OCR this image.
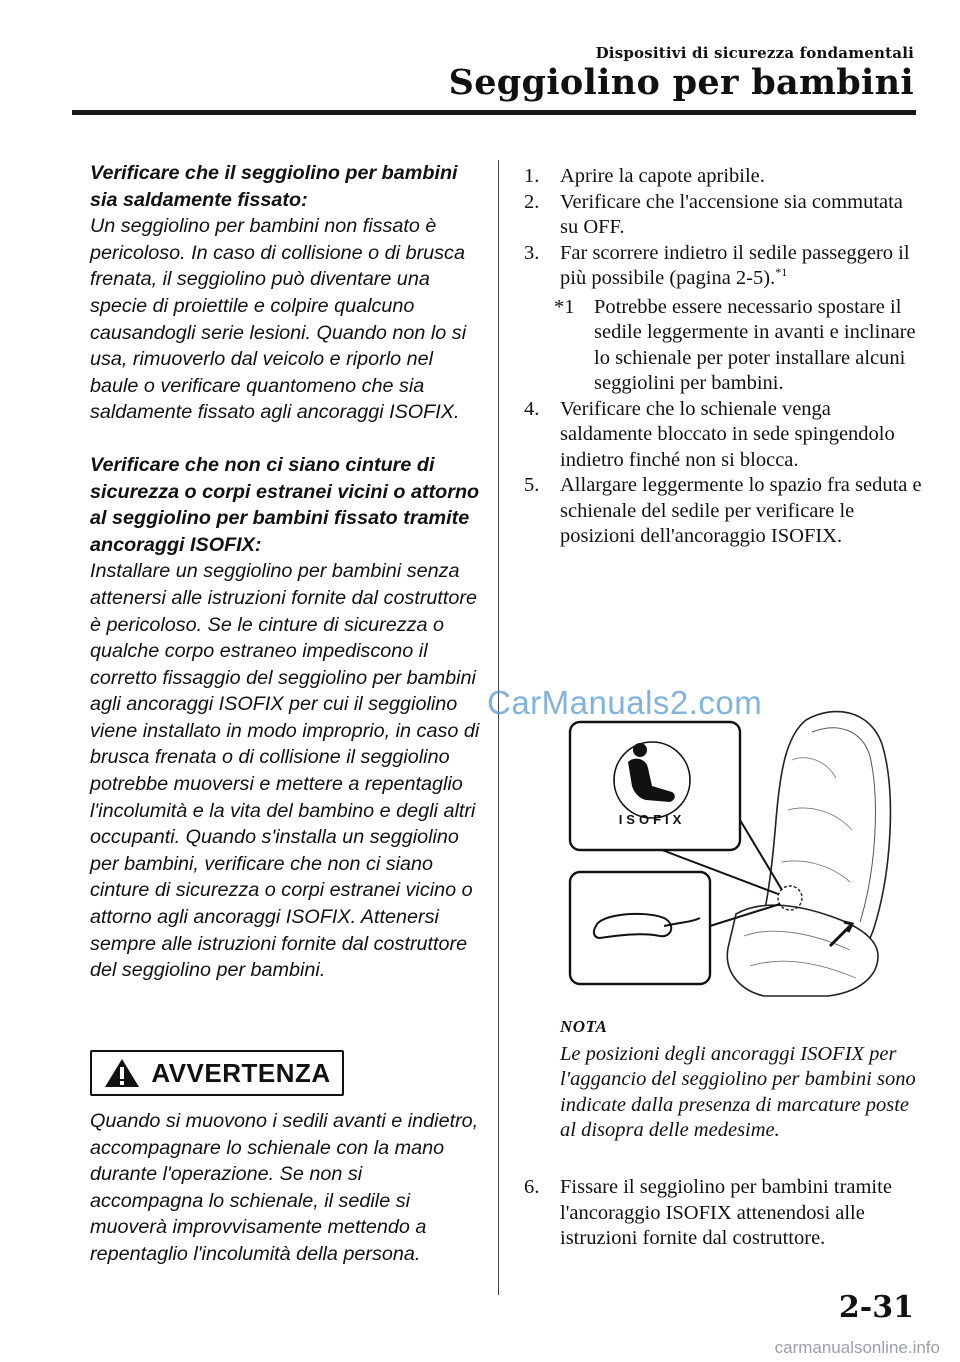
Dispositivi di sicurezza fondamentali
Seggiolino per bambini

Verificare che il seggiolino per bambini sia saldamente fissato:

Un seggiolino per bambini non fissato è pericoloso. In caso di collisione o di brusca frenata, il seggiolino può diventare una specie di proiettile e colpire qualcuno causandogli serie lesioni. Quando non lo si usa, rimuoverlo dal veicolo e riporlo nel baule o verificare quantomeno che sia saldamente fissato agli ancoraggi ISOFIX.

Verificare che non ci siano cinture di sicurezza o corpi estranei vicini o attorno al seggiolino per bambini fissato tramite ancoraggi ISOFIX:

Installare un seggiolino per bambini senza attenersi alle istruzioni fornite dal costruttore è pericoloso. Se le cinture di sicurezza o qualche corpo estraneo impediscono il corretto fissaggio del seggiolino per bambini agli ancoraggi ISOFIX per cui il seggiolino viene installato in modo improprio, in caso di brusca frenata o di collisione il seggiolino potrebbe muoversi e mettere a repentaglio l'incolumità e la vita del bambino e degli altri occupanti. Quando s'installa un seggiolino per bambini, verificare che non ci siano cinture di sicurezza o corpi estranei vicino o attorno agli ancoraggi ISOFIX. Attenersi sempre alle istruzioni fornite dal costruttore del seggiolino per bambini.

AVVERTENZA

Quando si muovono i sedili avanti e indietro, accompagnare lo schienale con la mano durante l'operazione. Se non si accompagna lo schienale, il sedile si muoverà improvvisamente mettendo a repentaglio l'incolumità della persona.

1. Aprire la capote apribile.

2. Verificare che l'accensione sia commutata su OFF.

3. Far scorrere indietro il sedile passeggero il più possibile (pagina 2-5).$^{*1}$

*1 Potrebbe essere necessario spostare il sedile leggermente in avanti e inclinare lo schienale per poter installare alcuni seggiolini per bambini.

4. Verificare che lo schienale venga saldamente bloccato in sede spingendolo indietro finché non si blocca.

5. Allargare leggermente lo spazio fra seduta e schienale del sedile per verificare le posizioni dell'ancoraggio ISOFIX.

ISOFIX
NOTA

Le posizioni degli ancoraggi ISOFIX per l'aggancio del seggiolino per bambini sono indicate dalla presenza di marcature poste al disopra delle medesime.

6. Fissare il seggiolino per bambini tramite l'ancoraggio ISOFIX attenendosi alle istruzioni fornite dal costruttore.

CarManuals2.com
2-31
carmanualsonline.info
